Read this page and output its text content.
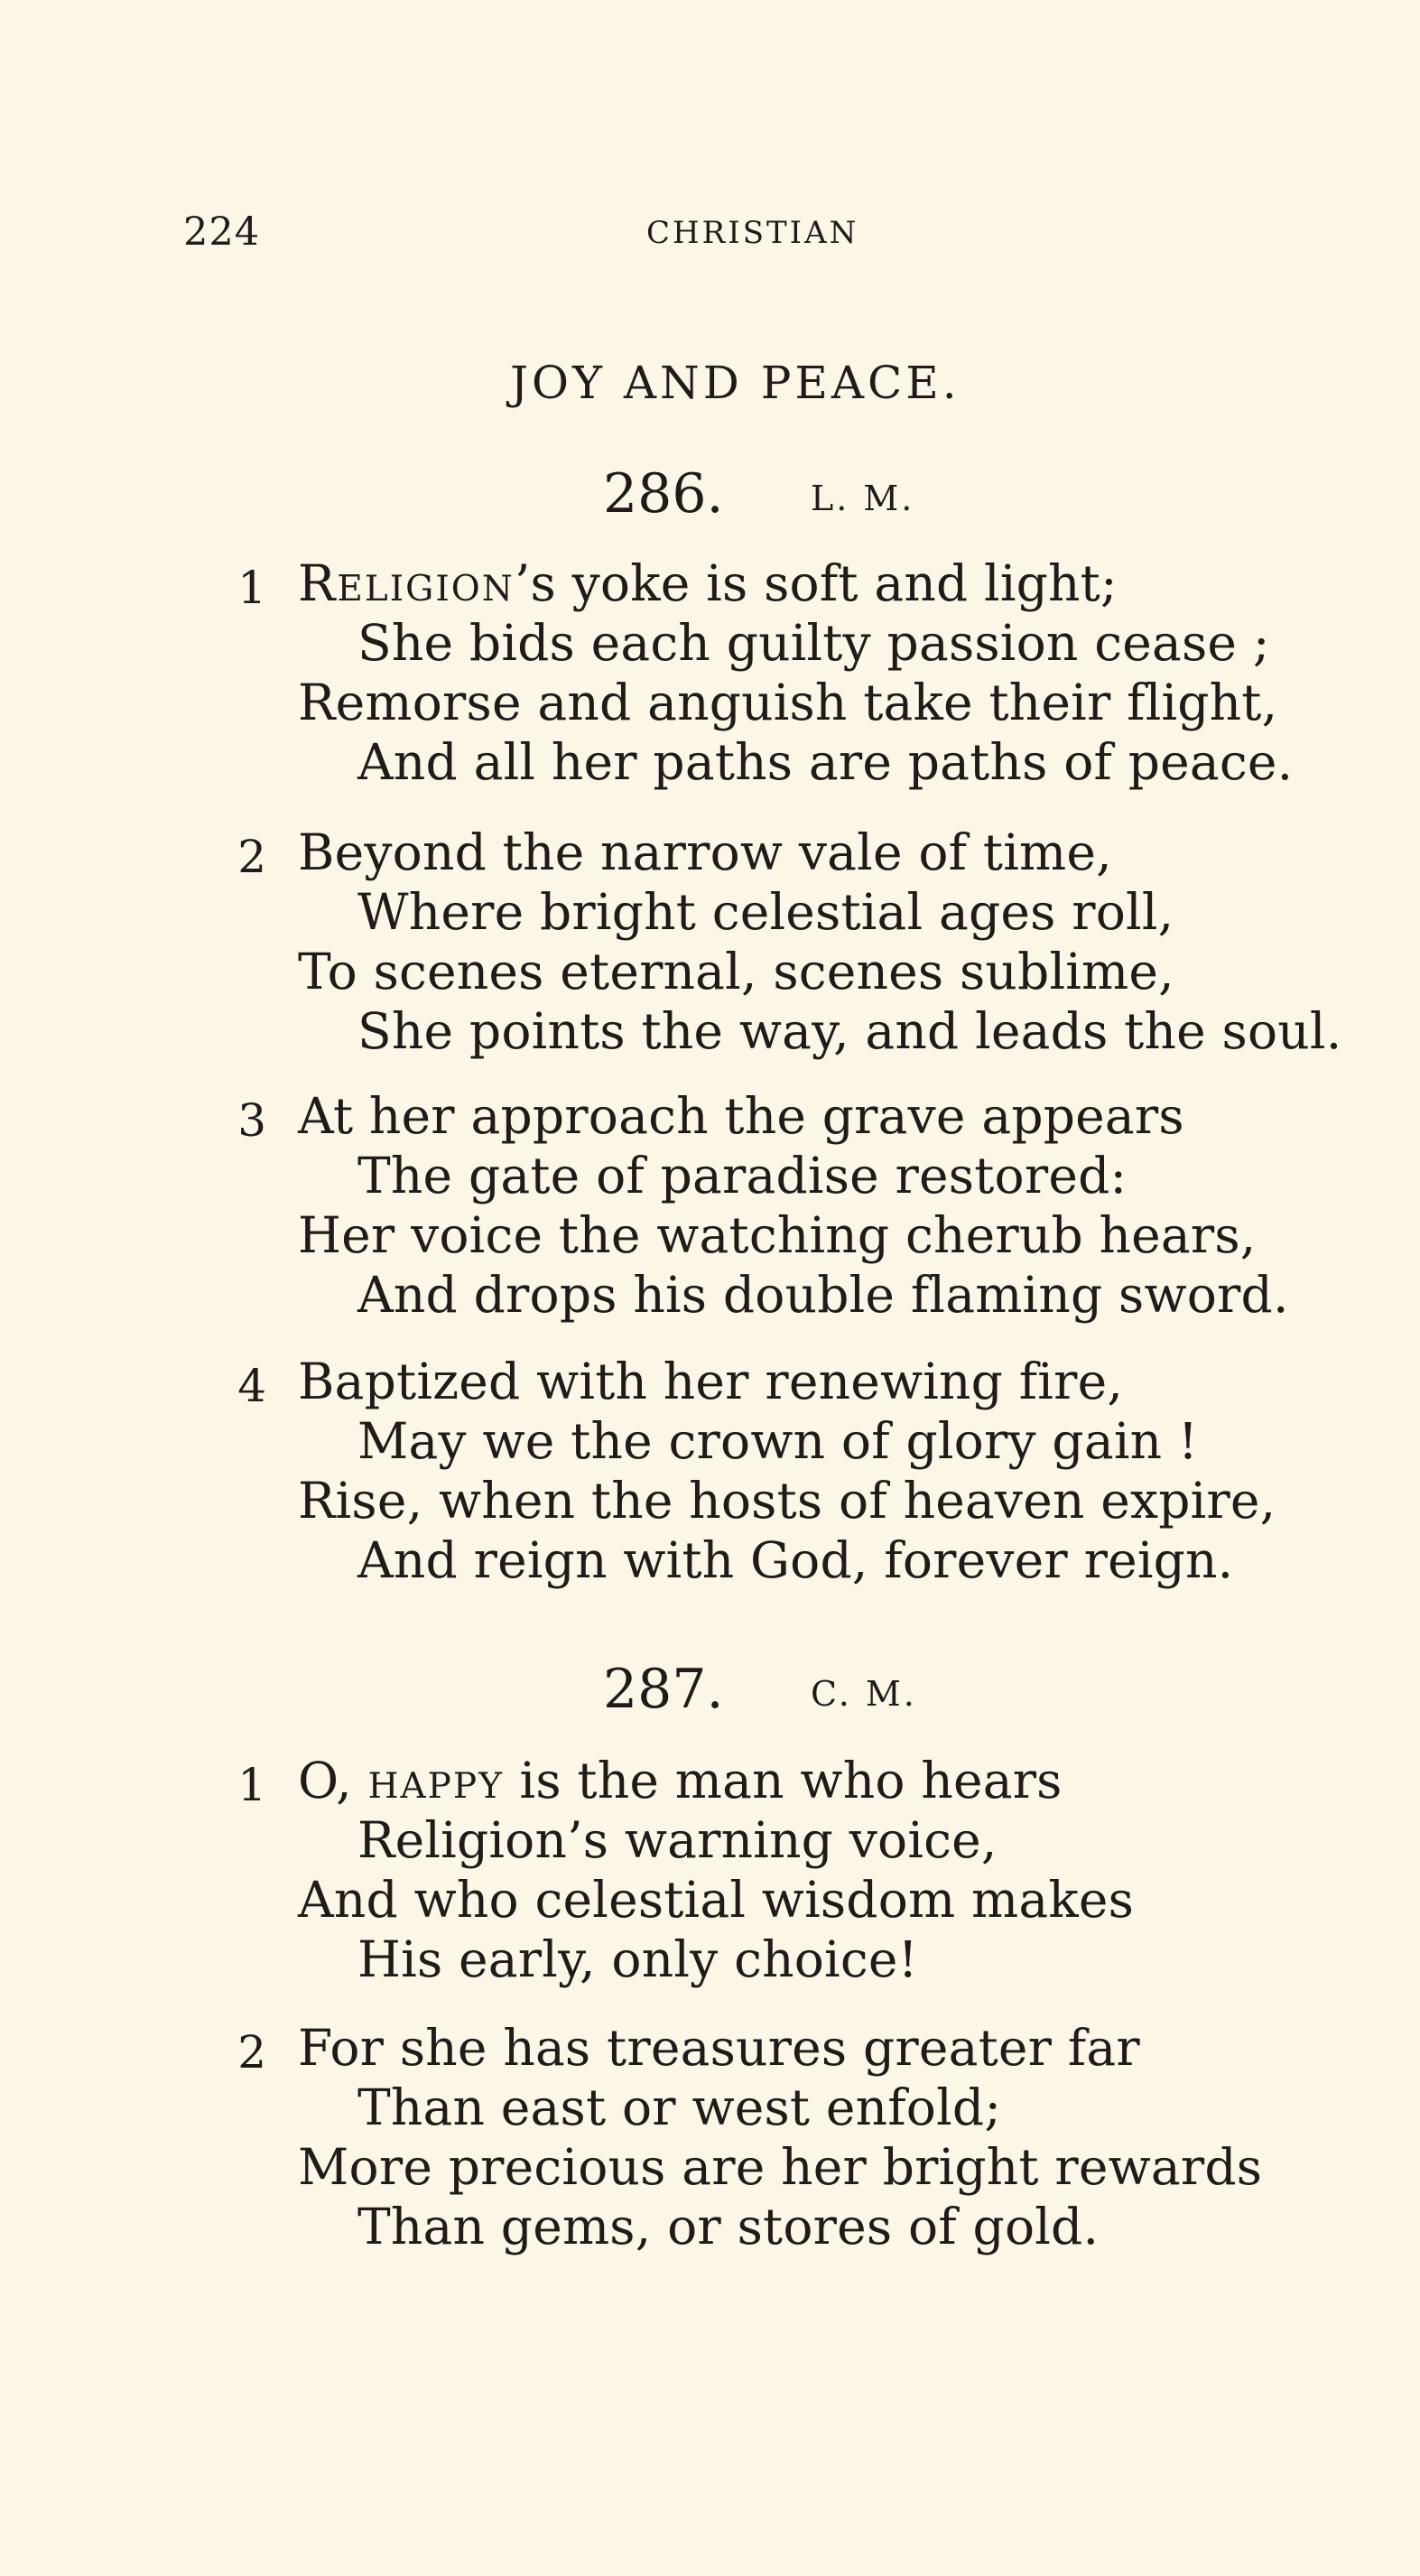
224	CHRISTIAN
JOY AND PEACE.
286.	L. M.
1 Religion’s yoke is soft and light;
She bids each guilty passion cease ;
Remorse and anguish take their flight,
And all her paths are paths of peace.
2 Beyond the narrow vale of time,
Where bright celestial ages roll,
To scenes eternal, scenes sublime,
She points the way, and leads the soul.
3 At her approach the grave appears
The gate of paradise restored:
Her voice the watching cherub hears,
And drops his double flaming sword.
4 Baptized with her renewing fire,
May we the crown of glory gain !
Rise, when the hosts of heaven expire,
And reign with God, forever reign.
287.	C. M.
1 O, happy is the man who hears
Religion’s warning voice,
And who celestial wisdom makes
His early, only choice!
2 For she has treasures greater far
Than east or west enfold;
More precious are her bright rewards
Than gems, or stores of gold.
